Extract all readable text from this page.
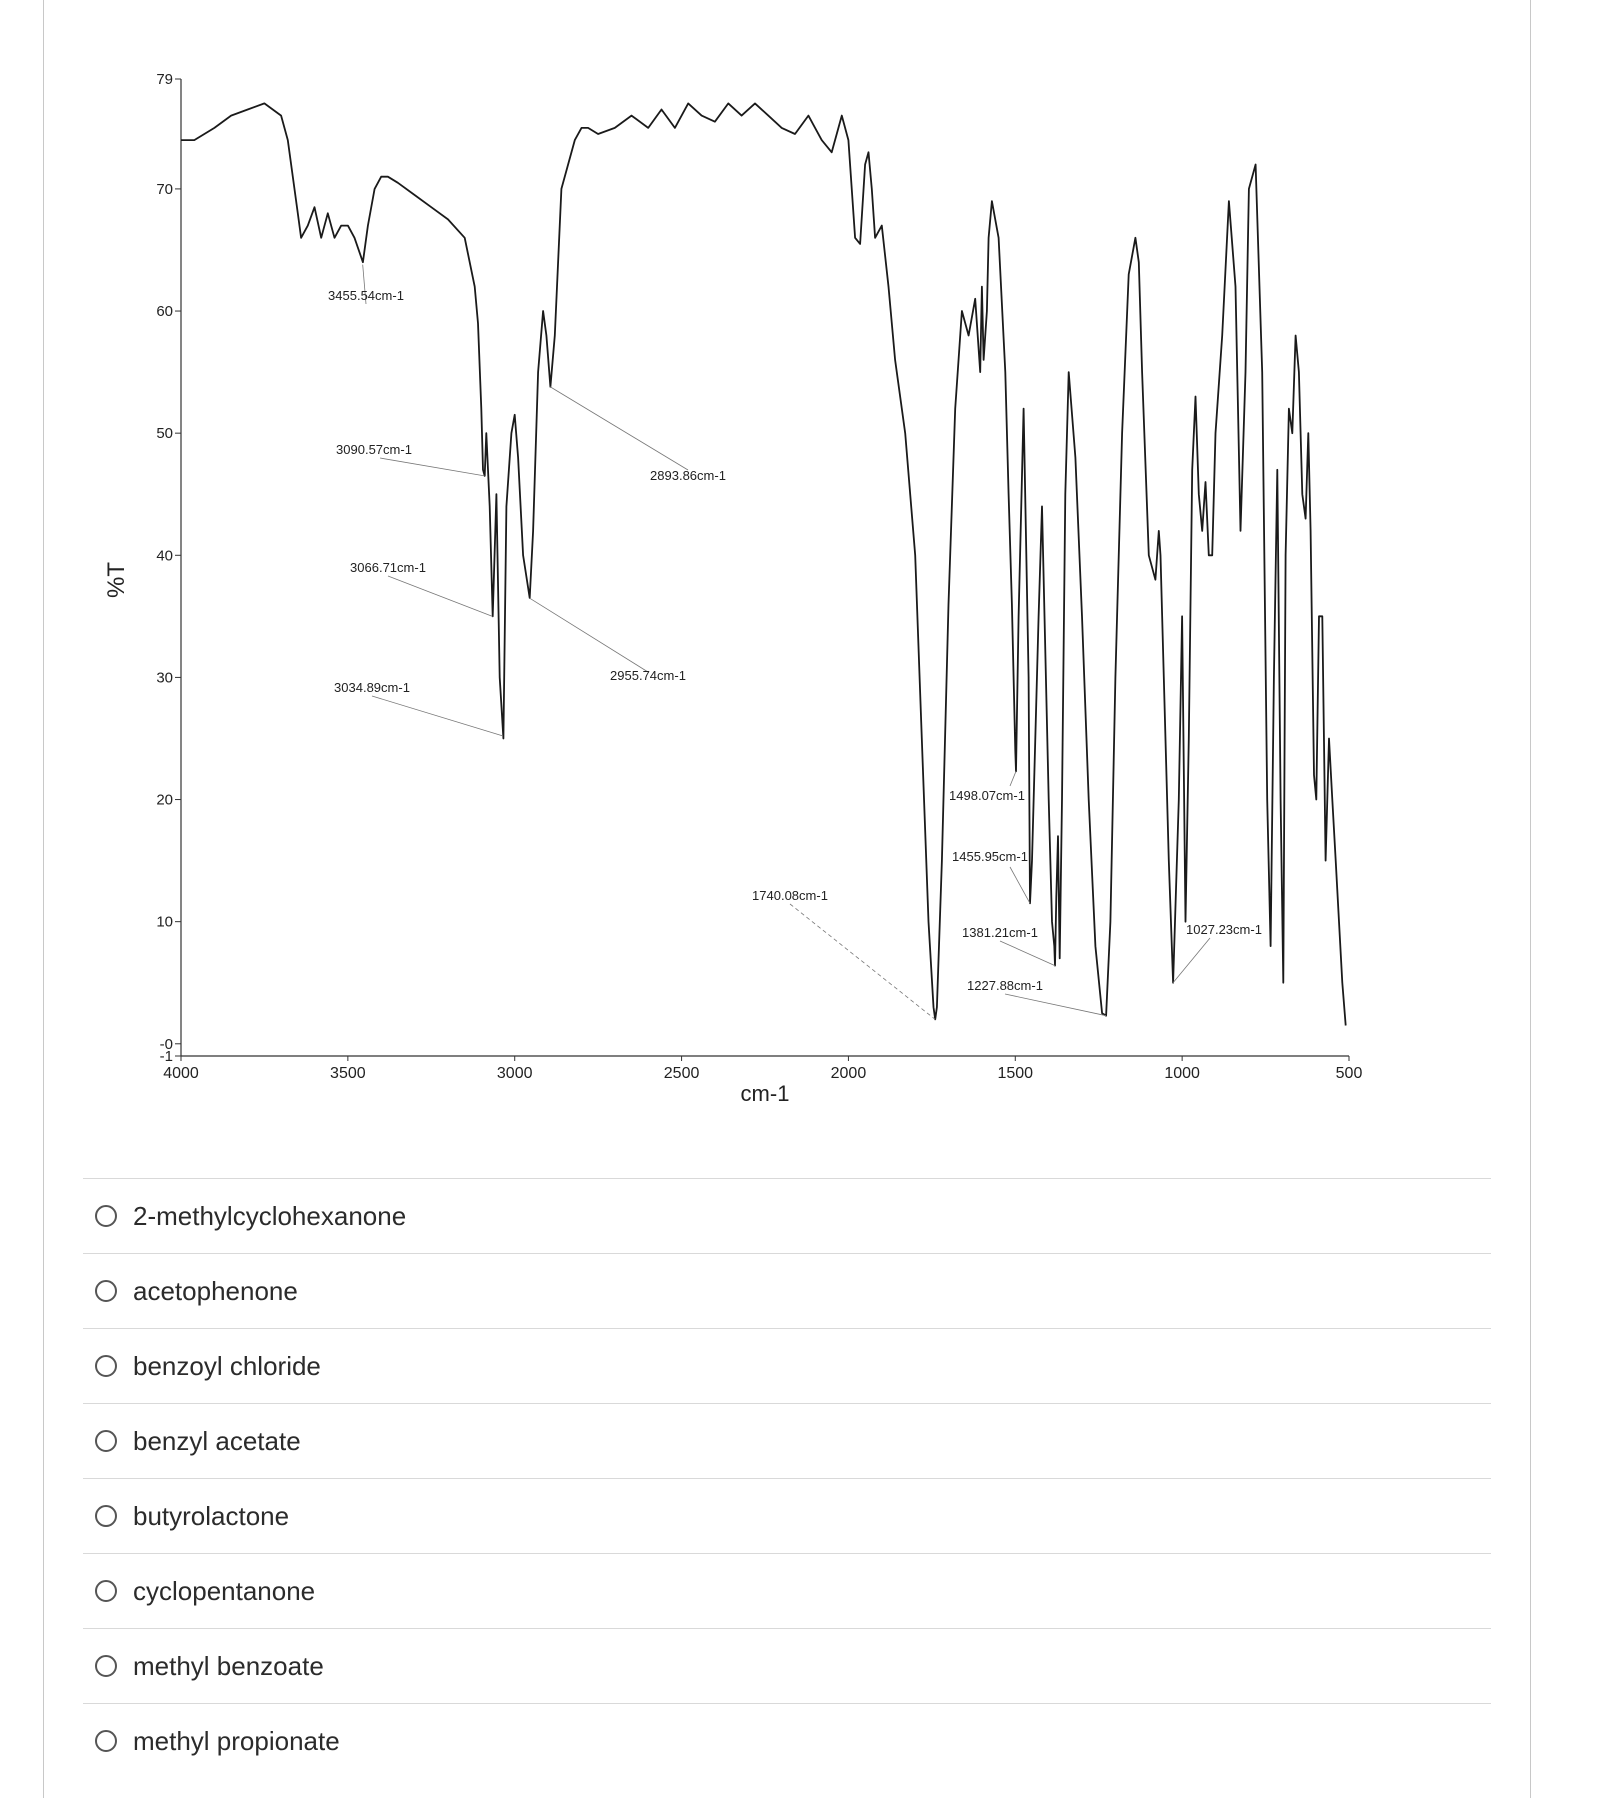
79
70
60
50
40
30
20
10
-0
-1
4000	3500	3000	2500	2000	1500	1000	500
cm-1
%T
3455.54cm-1
3090.57cm-1
3066.71cm-1
3034.89cm-1
2955.74cm-1
2893.86cm-1
1740.08cm-1
1498.07cm-1
1455.95cm-1
1381.21cm-1
1227.88cm-1
1027.23cm-1
2-methylcyclohexanone
acetophenone
benzoyl chloride
benzyl acetate
butyrolactone
cyclopentanone
methyl benzoate
methyl propionate
